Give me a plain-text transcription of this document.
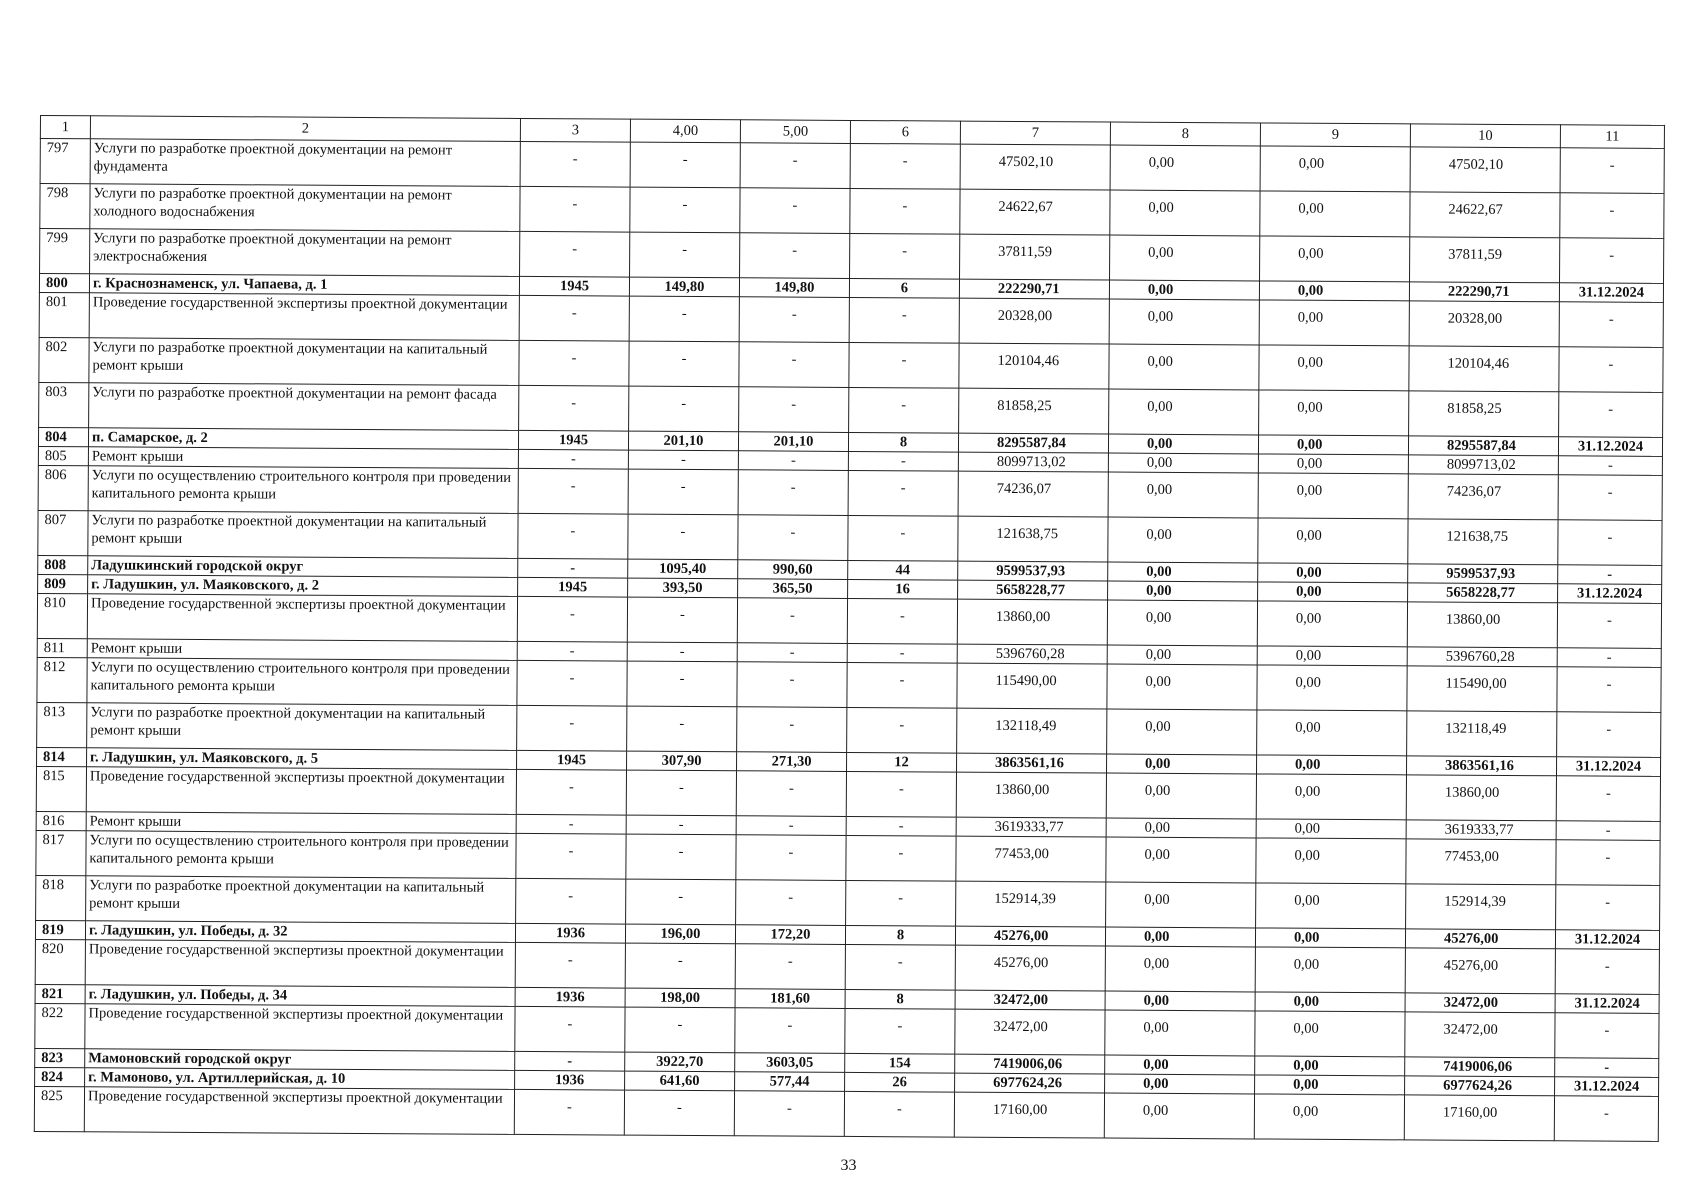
1	2	3	4,00	5,00	6	7	8	9	10	11
797	Услуги по разработке проектной документации на ремонт фундамента	-	-	-	-	47502,10	0,00	0,00	47502,10	-
798	Услуги по разработке проектной документации на ремонт холодного водоснабжения	-	-	-	-	24622,67	0,00	0,00	24622,67	-
799	Услуги по разработке проектной документации на ремонт электроснабжения	-	-	-	-	37811,59	0,00	0,00	37811,59	-
800	г. Краснознаменск, ул. Чапаева, д. 1	1945	149,80	149,80	6	222290,71	0,00	0,00	222290,71	31.12.2024
801	Проведение государственной экспертизы проектной документации	-	-	-	-	20328,00	0,00	0,00	20328,00	-
802	Услуги по разработке проектной документации на капитальный ремонт крыши	-	-	-	-	120104,46	0,00	0,00	120104,46	-
803	Услуги по разработке проектной документации на ремонт фасада	-	-	-	-	81858,25	0,00	0,00	81858,25	-
804	п. Самарское, д. 2	1945	201,10	201,10	8	8295587,84	0,00	0,00	8295587,84	31.12.2024
805	Ремонт крыши	-	-	-	-	8099713,02	0,00	0,00	8099713,02	-
806	Услуги по осуществлению строительного контроля при проведении капитального ремонта крыши	-	-	-	-	74236,07	0,00	0,00	74236,07	-
807	Услуги по разработке проектной документации на капитальный ремонт крыши	-	-	-	-	121638,75	0,00	0,00	121638,75	-
808	Ладушкинский городской округ	-	1095,40	990,60	44	9599537,93	0,00	0,00	9599537,93	-
809	г. Ладушкин, ул. Маяковского, д. 2	1945	393,50	365,50	16	5658228,77	0,00	0,00	5658228,77	31.12.2024
810	Проведение государственной экспертизы проектной документации	-	-	-	-	13860,00	0,00	0,00	13860,00	-
811	Ремонт крыши	-	-	-	-	5396760,28	0,00	0,00	5396760,28	-
812	Услуги по осуществлению строительного контроля при проведении капитального ремонта крыши	-	-	-	-	115490,00	0,00	0,00	115490,00	-
813	Услуги по разработке проектной документации на капитальный ремонт крыши	-	-	-	-	132118,49	0,00	0,00	132118,49	-
814	г. Ладушкин, ул. Маяковского, д. 5	1945	307,90	271,30	12	3863561,16	0,00	0,00	3863561,16	31.12.2024
815	Проведение государственной экспертизы проектной документации	-	-	-	-	13860,00	0,00	0,00	13860,00	-
816	Ремонт крыши	-	-	-	-	3619333,77	0,00	0,00	3619333,77	-
817	Услуги по осуществлению строительного контроля при проведении капитального ремонта крыши	-	-	-	-	77453,00	0,00	0,00	77453,00	-
818	Услуги по разработке проектной документации на капитальный ремонт крыши	-	-	-	-	152914,39	0,00	0,00	152914,39	-
819	г. Ладушкин, ул. Победы, д. 32	1936	196,00	172,20	8	45276,00	0,00	0,00	45276,00	31.12.2024
820	Проведение государственной экспертизы проектной документации	-	-	-	-	45276,00	0,00	0,00	45276,00	-
821	г. Ладушкин, ул. Победы, д. 34	1936	198,00	181,60	8	32472,00	0,00	0,00	32472,00	31.12.2024
822	Проведение государственной экспертизы проектной документации	-	-	-	-	32472,00	0,00	0,00	32472,00	-
823	Мамоновский городской округ	-	3922,70	3603,05	154	7419006,06	0,00	0,00	7419006,06	-
824	г. Мамоново, ул. Артиллерийская, д. 10	1936	641,60	577,44	26	6977624,26	0,00	0,00	6977624,26	31.12.2024
825	Проведение государственной экспертизы проектной документации	-	-	-	-	17160,00	0,00	0,00	17160,00	-
33
